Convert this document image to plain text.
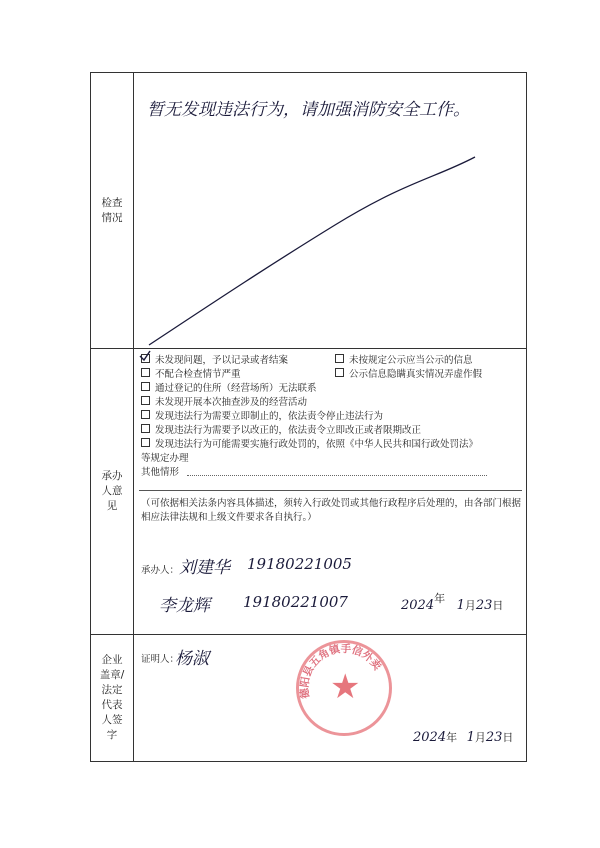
检查情况
暂无发现违法行为，请加强消防安全工作。
承办人意见
未发现问题，予以记录或者结案	未按规定公示应当公示的信息
不配合检查情节严重	公示信息隐瞒真实情况弄虚作假
通过登记的住所（经营场所）无法联系
未发现开展本次抽查涉及的经营活动
发现违法行为需要立即制止的，依法责令停止违法行为
发现违法行为需要予以改正的，依法责令立即改正或者限期改正
发现违法行为可能需要实施行政处罚的，依照《中华人民共和国行政处罚法》
等规定办理
其他情形
（可依据相关法条内容具体描述，须转入行政处罚或其他行政程序后处理的，由各部门根据相应法律法规和上级文件要求各自执行。）
承办人： 刘建华 19180221005
李龙辉 19180221007	2024年 1月23日
企业盖章/法定代表人签字
证明人：
杨淑
2024年 1月23日
德阳县五角镇手信外卖
★
